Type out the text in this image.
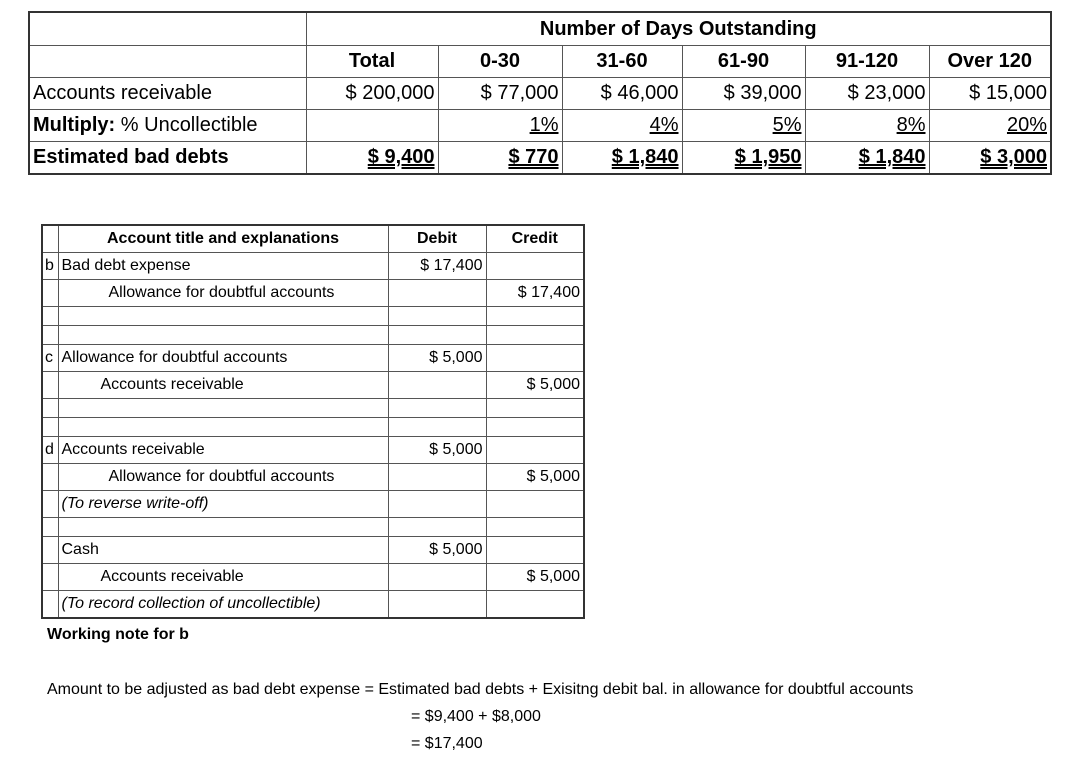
	Number of Days Outstanding					
	Total	0-30	31-60	61-90	91-120	Over 120
Accounts receivable	$ 200,000	$ 77,000	$ 46,000	$ 39,000	$ 23,000	$ 15,000
Multiply: % Uncollectible		1%	4%	5%	8%	20%
Estimated bad debts	$ 9,400	$ 770	$ 1,840	$ 1,950	$ 1,840	$ 3,000
	Account title and explanations	Debit	Credit
b	Bad debt expense	$ 17,400	
	Allowance for doubtful accounts		$ 17,400

c	Allowance for doubtful accounts	$ 5,000	
	Accounts receivable		$ 5,000

d	Accounts receivable	$ 5,000	
	Allowance for doubtful accounts		$ 5,000
	(To reverse write-off)		

	Cash	$ 5,000	
	Accounts receivable		$ 5,000
	(To record collection of uncollectible)		
Working note for b
Amount to be adjusted as bad debt expense = Estimated bad debts + Exisitng debit bal. in allowance for doubtful accounts
= $9,400 + $8,000
= $17,400
